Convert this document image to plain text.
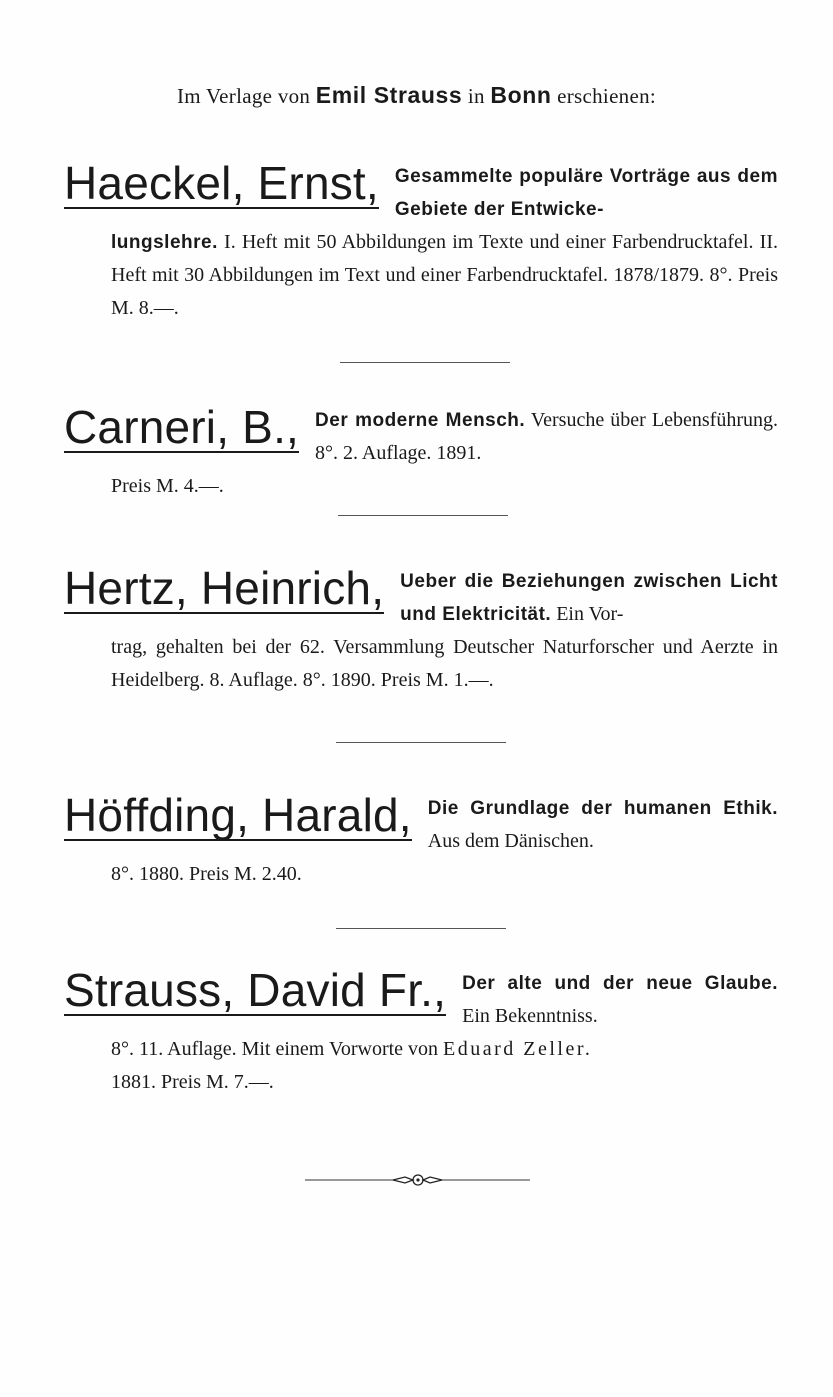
Im Verlage von Emil Strauss in Bonn erschienen:
Haeckel, Ernst, Gesammelte populäre Vorträge aus dem Gebiete der Entwicke-
lungslehre. I. Heft mit 50 Abbildungen im Texte und einer Farbendrucktafel. II. Heft mit 30 Abbildungen im Text und einer Farbendrucktafel. 1878/1879. 8°. Preis M. 8.—.
Carneri, B., Der moderne Mensch. Versuche über Lebensführung. 8°. 2. Auflage. 1891.
Preis M. 4.—.
Hertz, Heinrich, Ueber die Beziehungen zwischen Licht und Elektricität. Ein Vor-
trag, gehalten bei der 62. Versammlung Deutscher Naturforscher und Aerzte in Heidelberg. 8. Auflage. 8°. 1890. Preis M. 1.—.
Höffding, Harald, Die Grundlage der humanen Ethik. Aus dem Dänischen.
8°. 1880. Preis M. 2.40.
Strauss, David Fr., Der alte und der neue Glaube. Ein Bekenntniss.
8°. 11. Auflage. Mit einem Vorworte von Eduard Zeller.
1881. Preis M. 7.—.
